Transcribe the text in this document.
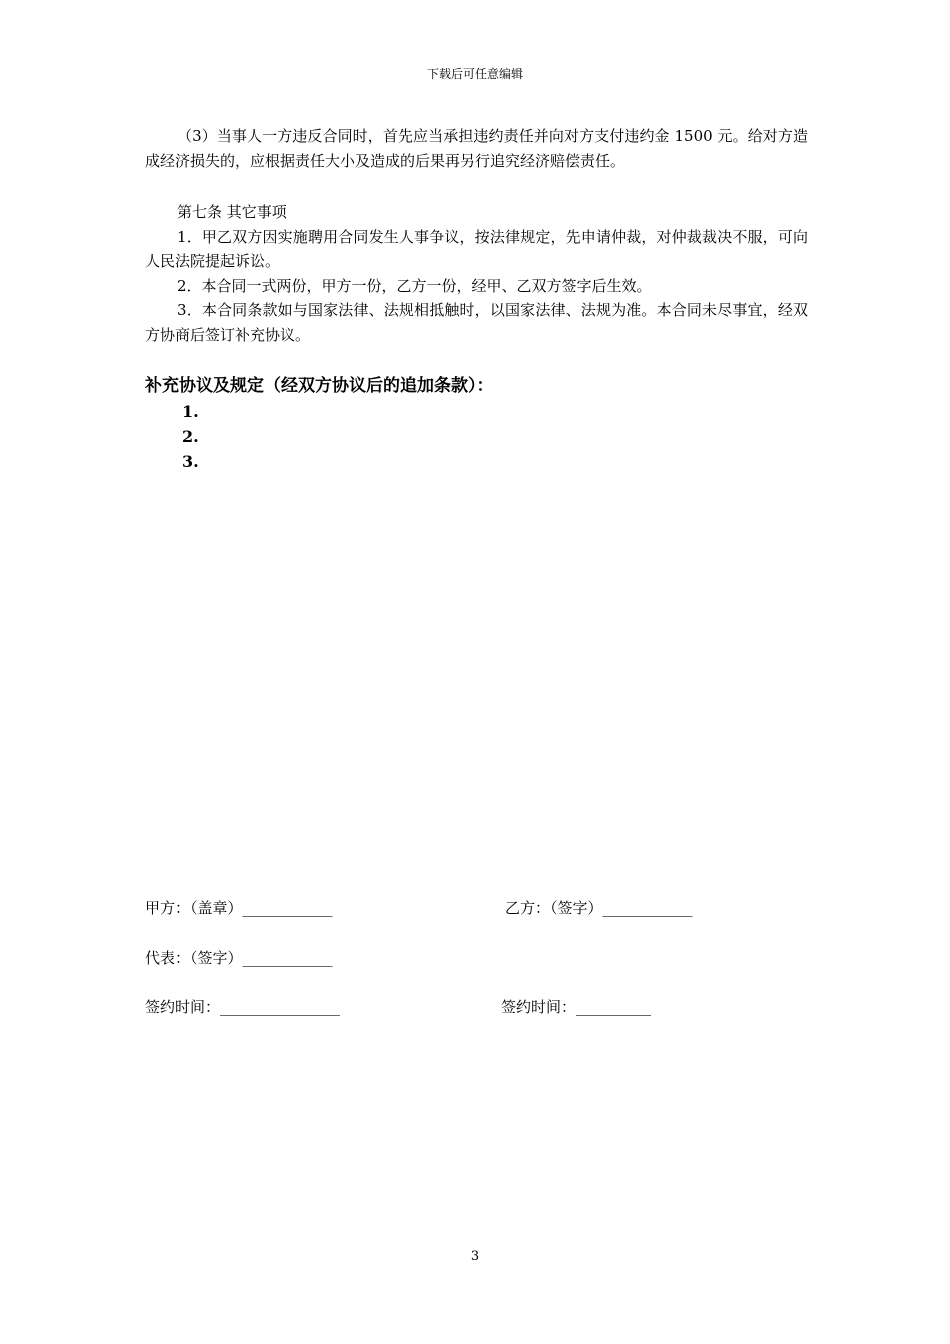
下载后可任意编辑

（3）当事人一方违反合同时，首先应当承担违约责任并向对方支付违约金 1500 元。给对方造成经济损失的，应根据责任大小及造成的后果再另行追究经济赔偿责任。

第七条 其它事项

1．甲乙双方因实施聘用合同发生人事争议，按法律规定，先申请仲裁，对仲裁裁决不服，可向人民法院提起诉讼。

2．本合同一式两份，甲方一份，乙方一份，经甲、乙双方签字后生效。

3．本合同条款如与国家法律、法规相抵触时，以国家法律、法规为准。本合同未尽事宜，经双方协商后签订补充协议。

补充协议及规定（经双方协议后的追加条款）：
1.
2.
3.
甲方：（盖章）____________	乙方：（签字）____________
代表：（签字）____________
签约时间：________________	签约时间：__________
3
